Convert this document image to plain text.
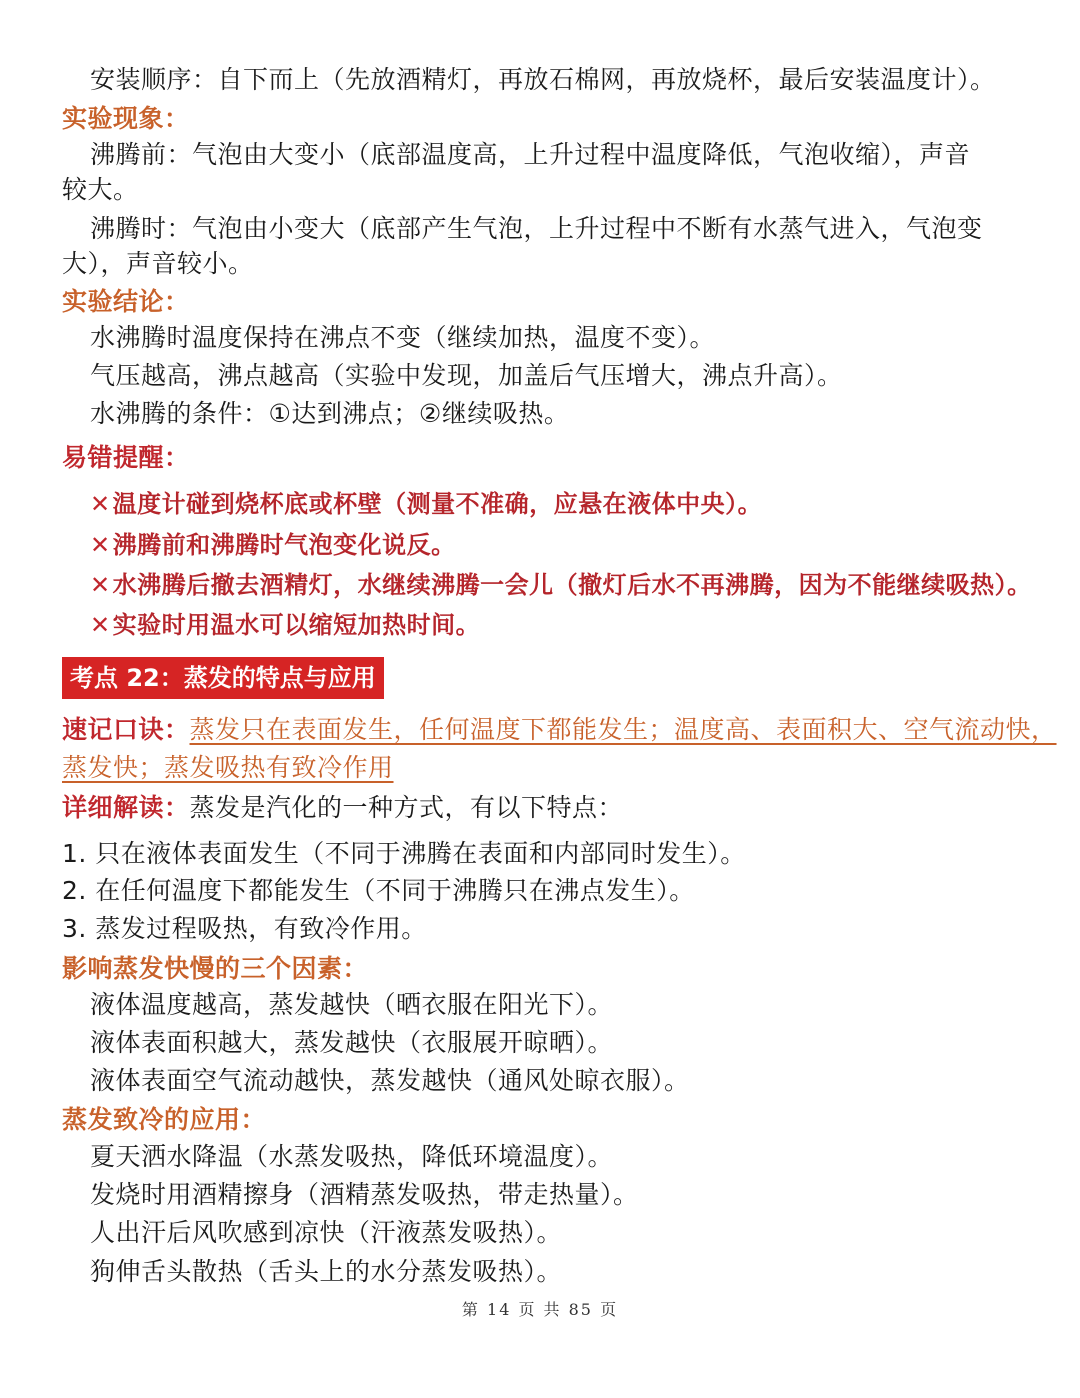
安装顺序：自下而上（先放酒精灯，再放石棉网，再放烧杯，最后安装温度计）。
实验现象：
沸腾前：气泡由大变小（底部温度高，上升过程中温度降低，气泡收缩），声音
较大。
沸腾时：气泡由小变大（底部产生气泡，上升过程中不断有水蒸气进入，气泡变
大），声音较小。
实验结论：
水沸腾时温度保持在沸点不变（继续加热，温度不变）。
气压越高，沸点越高（实验中发现，加盖后气压增大，沸点升高）。
水沸腾的条件：①达到沸点；②继续吸热。
易错提醒：
✕温度计碰到烧杯底或杯壁（测量不准确，应悬在液体中央）。
✕沸腾前和沸腾时气泡变化说反。
✕水沸腾后撤去酒精灯，水继续沸腾一会儿（撤灯后水不再沸腾，因为不能继续吸热）。
✕实验时用温水可以缩短加热时间。
考点 22：蒸发的特点与应用
速记口诀：蒸发只在表面发生，任何温度下都能发生；温度高、表面积大、空气流动快，
蒸发快；蒸发吸热有致冷作用
详细解读：蒸发是汽化的一种方式，有以下特点：
1. 只在液体表面发生（不同于沸腾在表面和内部同时发生）。
2. 在任何温度下都能发生（不同于沸腾只在沸点发生）。
3. 蒸发过程吸热，有致冷作用。
影响蒸发快慢的三个因素：
液体温度越高，蒸发越快（晒衣服在阳光下）。
液体表面积越大，蒸发越快（衣服展开晾晒）。
液体表面空气流动越快，蒸发越快（通风处晾衣服）。
蒸发致冷的应用：
夏天洒水降温（水蒸发吸热，降低环境温度）。
发烧时用酒精擦身（酒精蒸发吸热，带走热量）。
人出汗后风吹感到凉快（汗液蒸发吸热）。
狗伸舌头散热（舌头上的水分蒸发吸热）。
第 14 页 共 85 页
